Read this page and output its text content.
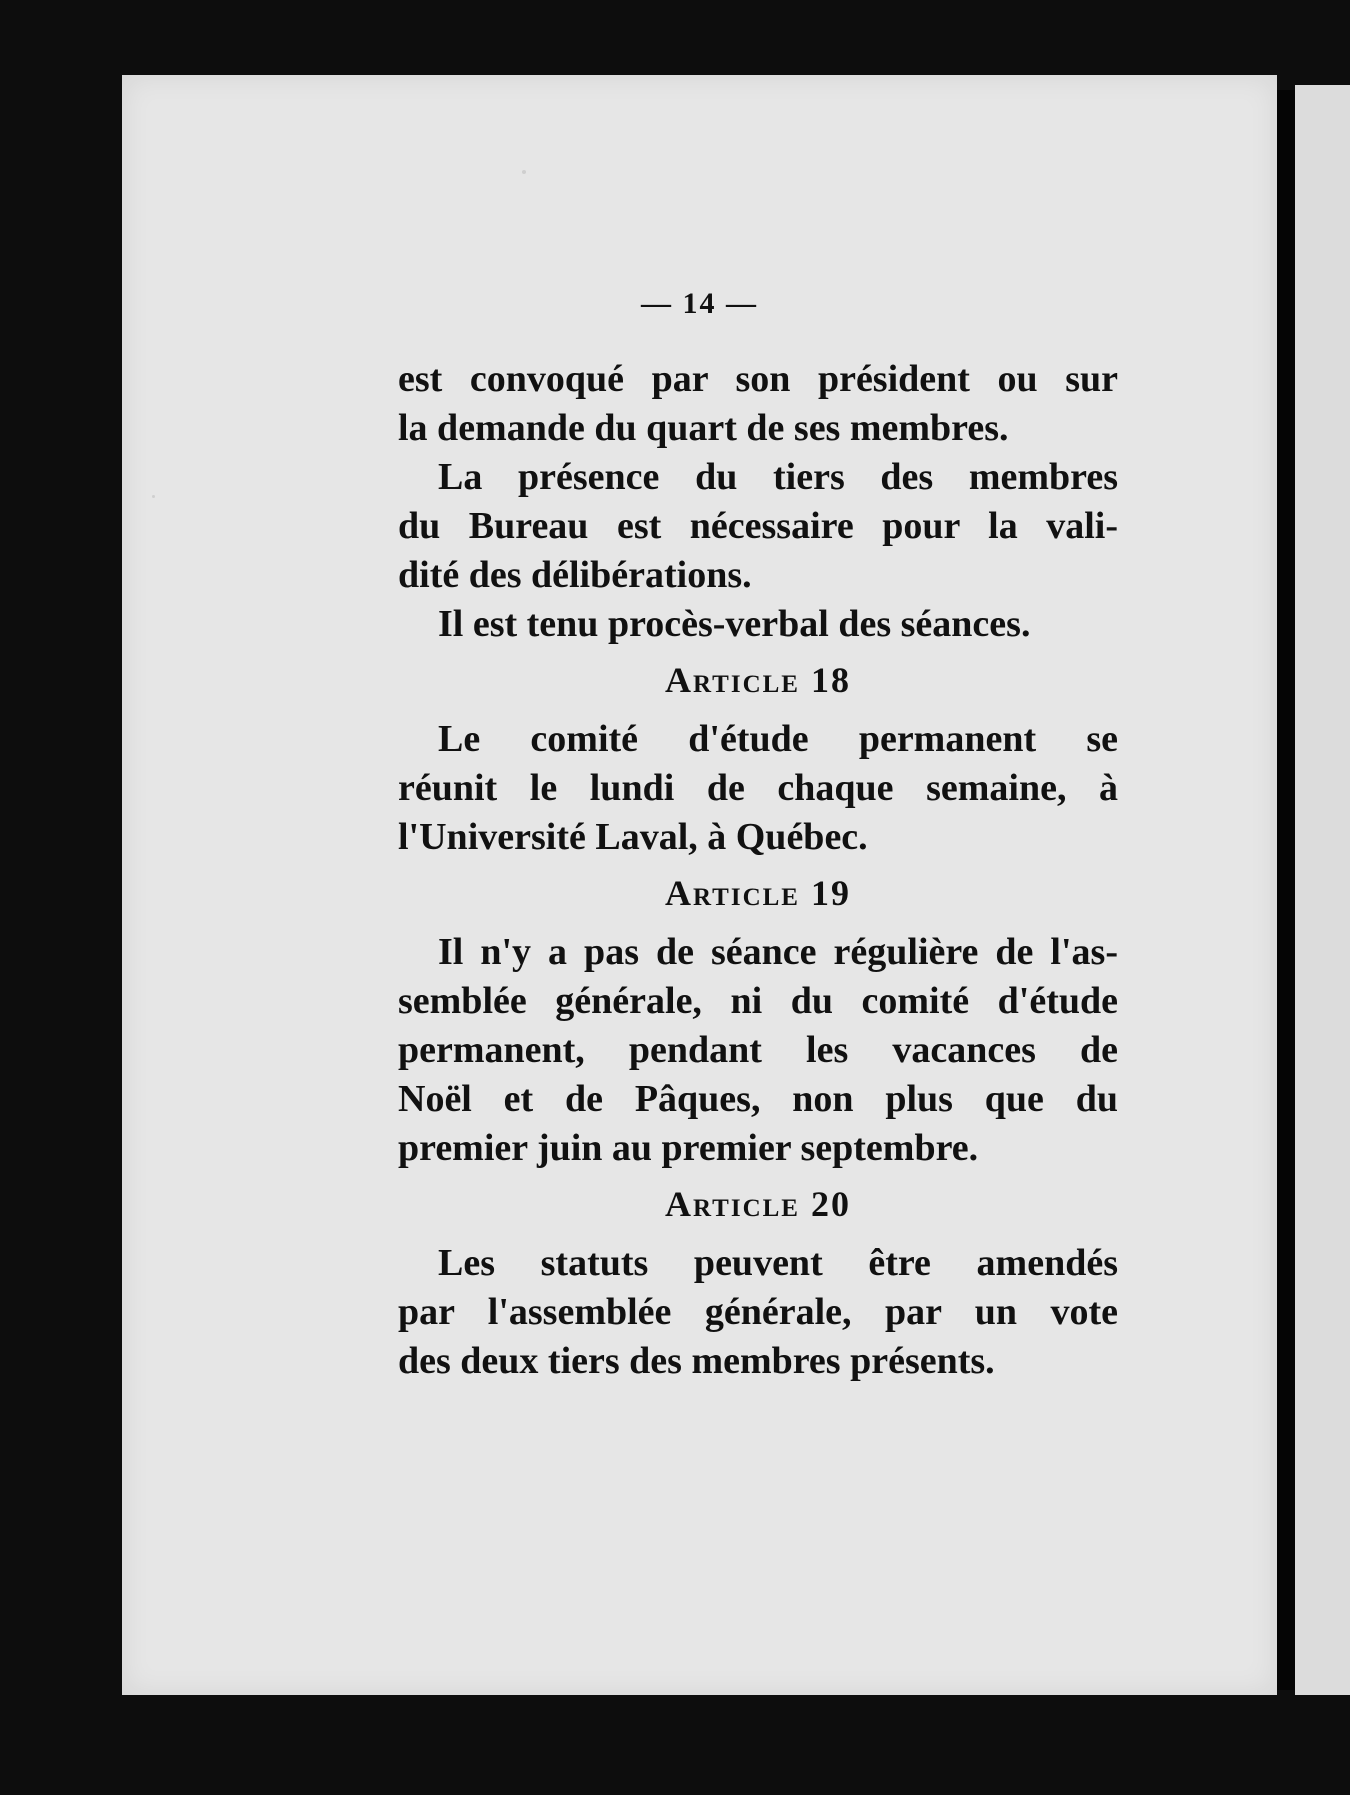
— 14 —
est convoqué par son président ou sur
la demande du quart de ses membres.
La présence du tiers des membres
du Bureau est nécessaire pour la vali-
dité des délibérations.
Il est tenu procès-verbal des séances.
Article 18
Le comité d'étude permanent se
réunit le lundi de chaque semaine, à
l'Université Laval, à Québec.
Article 19
Il n'y a pas de séance régulière de l'as-
semblée générale, ni du comité d'étude
permanent, pendant les vacances de
Noël et de Pâques, non plus que du
premier juin au premier septembre.
Article 20
Les statuts peuvent être amendés
par l'assemblée générale, par un vote
des deux tiers des membres présents.
